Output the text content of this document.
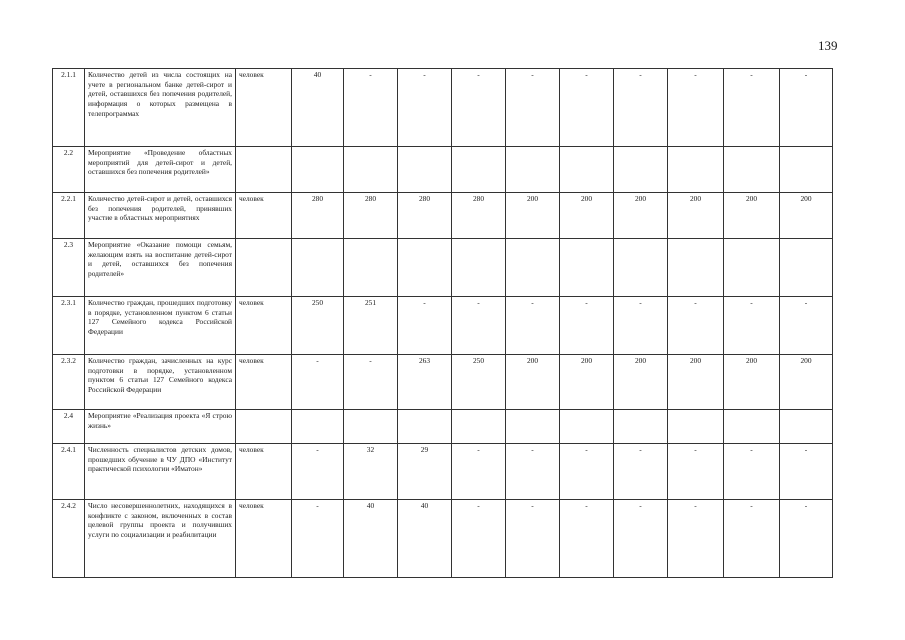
139
2.1.1	Количество детей из числа состоящих на учете в региональном банке детей-сирот и детей, оставшихся без попечения родителей, информация о которых размещена в телепрограммах	человек	40	-	-	-	-	-	-	-	-	-
2.2	Мероприятие «Проведение областных мероприятий для детей-сирот и детей, оставшихся без попечения родителей»											
2.2.1	Количество детей-сирот и детей, оставшихся без попечения родителей, принявших участие в областных мероприятиях	человек	280	280	280	280	200	200	200	200	200	200
2.3	Мероприятие «Оказание помощи семьям, желающим взять на воспитание детей-сирот и детей, оставшихся без попечения родителей»											
2.3.1	Количество граждан, прошедших подготовку в порядке, установленном пунктом 6 статьи 127 Семейного кодекса Российской Федерации	человек	250	251	-	-	-	-	-	-	-	-
2.3.2	Количество граждан, зачисленных на курс подготовки в порядке, установленном пунктом 6 статьи 127 Семейного кодекса Российской Федерации	человек	-	-	263	250	200	200	200	200	200	200
2.4	Мероприятие «Реализация проекта «Я строю жизнь»											
2.4.1	Численность специалистов детских домов, прошедших обучение в ЧУ ДПО «Институт практической психологии «Иматон»	человек	-	32	29	-	-	-	-	-	-	-
2.4.2	Число несовершеннолетних, находящихся в конфликте с законом, включенных в состав целевой группы проекта и получивших услуги по социализации и реабилитации	человек	-	40	40	-	-	-	-	-	-	-
